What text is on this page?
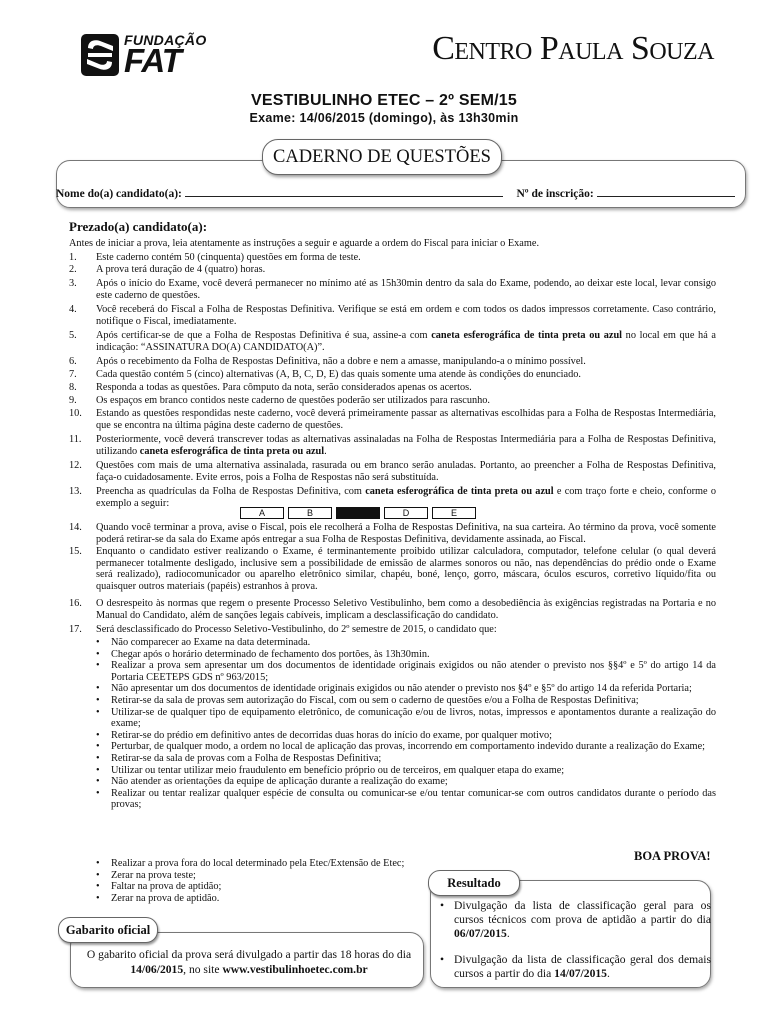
FUNDAÇÃO
FAT	Centro Paula Souza
VESTIBULINHO ETEC – 2º SEM/15
Exame: 14/06/2015 (domingo), às 13h30min
CADERNO DE QUESTÕES
Nome do(a) candidato(a):	Nº de inscrição:
Prezado(a) candidato(a):
Antes de iniciar a prova, leia atentamente as instruções a seguir e aguarde a ordem do Fiscal para iniciar o Exame.
1. Este caderno contém 50 (cinquenta) questões em forma de teste.
2. A prova terá duração de 4 (quatro) horas.
3. Após o início do Exame, você deverá permanecer no mínimo até as 15h30min dentro da sala do Exame, podendo, ao deixar este local, levar consigo este caderno de questões.
4. Você receberá do Fiscal a Folha de Respostas Definitiva. Verifique se está em ordem e com todos os dados impressos corretamente. Caso contrário, notifique o Fiscal, imediatamente.
5. Após certificar-se de que a Folha de Respostas Definitiva é sua, assine-a com caneta esferográfica de tinta preta ou azul no local em que há a indicação: “ASSINATURA DO(A) CANDIDATO(A)”.
6. Após o recebimento da Folha de Respostas Definitiva, não a dobre e nem a amasse, manipulando-a o mínimo possível.
7. Cada questão contém 5 (cinco) alternativas (A, B, C, D, E) das quais somente uma atende às condições do enunciado.
8. Responda a todas as questões. Para cômputo da nota, serão considerados apenas os acertos.
9. Os espaços em branco contidos neste caderno de questões poderão ser utilizados para rascunho.
10. Estando as questões respondidas neste caderno, você deverá primeiramente passar as alternativas escolhidas para a Folha de Respostas Intermediária, que se encontra na última página deste caderno de questões.
11. Posteriormente, você deverá transcrever todas as alternativas assinaladas na Folha de Respostas Intermediária para a Folha de Respostas Definitiva, utilizando caneta esferográfica de tinta preta ou azul.
12. Questões com mais de uma alternativa assinalada, rasurada ou em branco serão anuladas. Portanto, ao preencher a Folha de Respostas Definitiva, faça-o cuidadosamente. Evite erros, pois a Folha de Respostas não será substituída.
13. Preencha as quadrículas da Folha de Respostas Definitiva, com caneta esferográfica de tinta preta ou azul e com traço forte e cheio, conforme o exemplo a seguir:
A	B	D	E
14. Quando você terminar a prova, avise o Fiscal, pois ele recolherá a Folha de Respostas Definitiva, na sua carteira. Ao término da prova, você somente poderá retirar-se da sala do Exame após entregar a sua Folha de Respostas Definitiva, devidamente assinada, ao Fiscal.
15. Enquanto o candidato estiver realizando o Exame, é terminantemente proibido utilizar calculadora, computador, telefone celular (o qual deverá permanecer totalmente desligado, inclusive sem a possibilidade de emissão de alarmes sonoros ou não, nas dependências do prédio onde o Exame será realizado), radiocomunicador ou aparelho eletrônico similar, chapéu, boné, lenço, gorro, máscara, óculos escuros, corretivo líquido/fita ou quaisquer outros materiais (papéis) estranhos à prova.
16. O desrespeito às normas que regem o presente Processo Seletivo Vestibulinho, bem como a desobediência às exigências registradas na Portaria e no Manual do Candidato, além de sanções legais cabíveis, implicam a desclassificação do candidato.
17. Será desclassificado do Processo Seletivo-Vestibulinho, do 2º semestre de 2015, o candidato que:
• Não comparecer ao Exame na data determinada.
• Chegar após o horário determinado de fechamento dos portões, às 13h30min.
• Realizar a prova sem apresentar um dos documentos de identidade originais exigidos ou não atender o previsto nos §§4º e 5º do artigo 14 da Portaria CEETEPS GDS nº 963/2015;
• Não apresentar um dos documentos de identidade originais exigidos ou não atender o previsto nos §4º e §5º do artigo 14 da referida Portaria;
• Retirar-se da sala de provas sem autorização do Fiscal, com ou sem o caderno de questões e/ou a Folha de Respostas Definitiva;
• Utilizar-se de qualquer tipo de equipamento eletrônico, de comunicação e/ou de livros, notas, impressos e apontamentos durante a realização do exame;
• Retirar-se do prédio em definitivo antes de decorridas duas horas do início do exame, por qualquer motivo;
• Perturbar, de qualquer modo, a ordem no local de aplicação das provas, incorrendo em comportamento indevido durante a realização do Exame;
• Retirar-se da sala de provas com a Folha de Respostas Definitiva;
• Utilizar ou tentar utilizar meio fraudulento em benefício próprio ou de terceiros, em qualquer etapa do exame;
• Não atender as orientações da equipe de aplicação durante a realização do exame;
• Realizar ou tentar realizar qualquer espécie de consulta ou comunicar-se e/ou tentar comunicar-se com outros candidatos durante o período das provas;
• Realizar a prova fora do local determinado pela Etec/Extensão de Etec;
• Zerar na prova teste;
• Faltar na prova de aptidão;
• Zerar na prova de aptidão.
BOA PROVA!
Resultado
• Divulgação da lista de classificação geral para os cursos técnicos com prova de aptidão a partir do dia 06/07/2015.
• Divulgação da lista de classificação geral dos demais cursos a partir do dia 14/07/2015.
Gabarito oficial
O gabarito oficial da prova será divulgado a partir das 18 horas do dia 14/06/2015, no site www.vestibulinhoetec.com.br
